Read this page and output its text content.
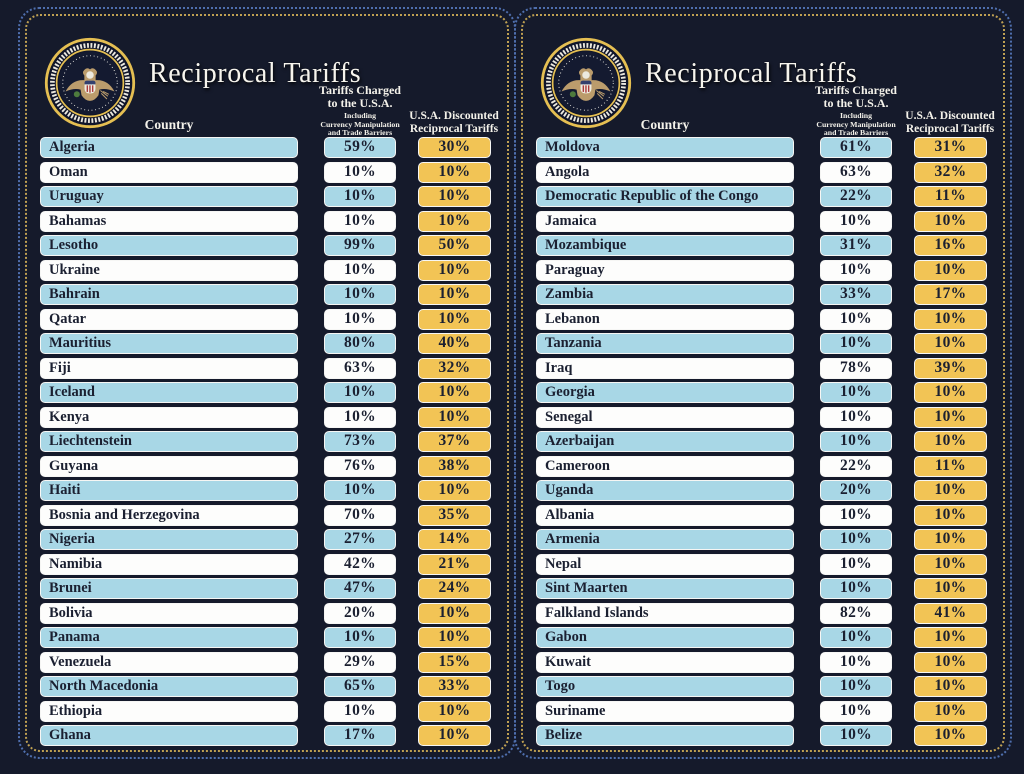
Reciprocal Tariffs
Country
Tariffs Charged
to the U.S.A.
Including
Currency Manipulation
and Trade Barriers
U.S.A. Discounted
Reciprocal Tariffs
Algeria	59%	30%
Oman	10%	10%
Uruguay	10%	10%
Bahamas	10%	10%
Lesotho	99%	50%
Ukraine	10%	10%
Bahrain	10%	10%
Qatar	10%	10%
Mauritius	80%	40%
Fiji	63%	32%
Iceland	10%	10%
Kenya	10%	10%
Liechtenstein	73%	37%
Guyana	76%	38%
Haiti	10%	10%
Bosnia and Herzegovina	70%	35%
Nigeria	27%	14%
Namibia	42%	21%
Brunei	47%	24%
Bolivia	20%	10%
Panama	10%	10%
Venezuela	29%	15%
North Macedonia	65%	33%
Ethiopia	10%	10%
Ghana	17%	10%
Reciprocal Tariffs
Country
Tariffs Charged
to the U.S.A.
Including
Currency Manipulation
and Trade Barriers
U.S.A. Discounted
Reciprocal Tariffs
Moldova	61%	31%
Angola	63%	32%
Democratic Republic of the Congo	22%	11%
Jamaica	10%	10%
Mozambique	31%	16%
Paraguay	10%	10%
Zambia	33%	17%
Lebanon	10%	10%
Tanzania	10%	10%
Iraq	78%	39%
Georgia	10%	10%
Senegal	10%	10%
Azerbaijan	10%	10%
Cameroon	22%	11%
Uganda	20%	10%
Albania	10%	10%
Armenia	10%	10%
Nepal	10%	10%
Sint Maarten	10%	10%
Falkland Islands	82%	41%
Gabon	10%	10%
Kuwait	10%	10%
Togo	10%	10%
Suriname	10%	10%
Belize	10%	10%
